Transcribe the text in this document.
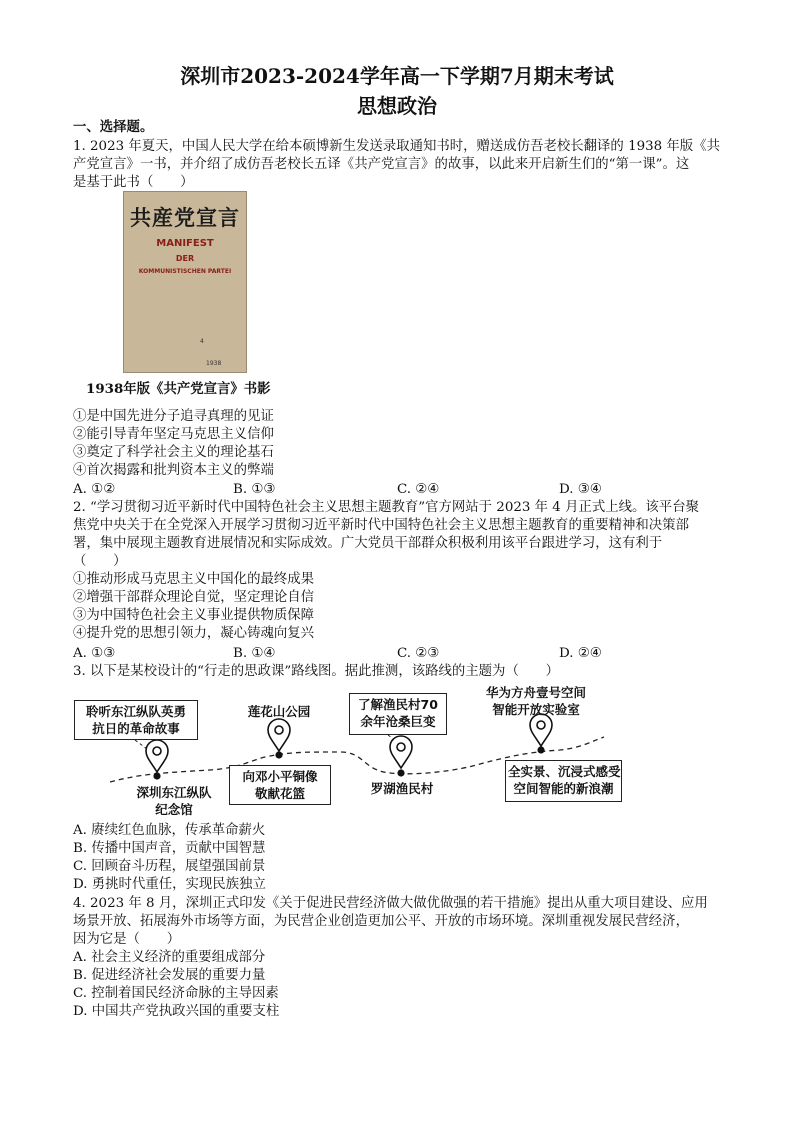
深圳市2023-2024学年高一下学期7月期末考试
思想政治
一、选择题。
1. 2023 年夏天，中国人民大学在给本硕博新生发送录取通知书时，赠送成仿吾老校长翻译的 1938 年版《共
产党宣言》一书，并介绍了成仿吾老校长五译《共产党宣言》的故事，以此来开启新生们的“第一课”。这
是基于此书（　　）
共産党宣言
MANIFEST
DER
KOMMUNISTISCHEN PARTEI
4
1938
1938年版《共产党宣言》书影
①是中国先进分子追寻真理的见证
②能引导青年坚定马克思主义信仰
③奠定了科学社会主义的理论基石
④首次揭露和批判资本主义的弊端
A. ①②	B. ①③	C. ②④	D. ③④
2. “学习贯彻习近平新时代中国特色社会主义思想主题教育”官方网站于 2023 年 4 月正式上线。该平台聚
焦党中央关于在全党深入开展学习贯彻习近平新时代中国特色社会主义思想主题教育的重要精神和决策部
署，集中展现主题教育进展情况和实际成效。广大党员干部群众积极利用该平台跟进学习，这有利于
（　　）
①推动形成马克思主义中国化的最终成果
②增强干部群众理论自觉，坚定理论自信
③为中国特色社会主义事业提供物质保障
④提升党的思想引领力，凝心铸魂向复兴
A. ①③	B. ①④	C. ②③	D. ②④
3. 以下是某校设计的“行走的思政课”路线图。据此推测，该路线的主题为（　　）
聆听东江纵队英勇
抗日的革命故事
深圳东江纵队
纪念馆
莲花山公园
向邓小平铜像
敬献花篮
了解渔民村70
余年沧桑巨变
罗湖渔民村
华为方舟壹号空间
智能开放实验室
全实景、沉浸式感受
空间智能的新浪潮
A. 赓续红色血脉，传承革命薪火
B. 传播中国声音，贡献中国智慧
C. 回顾奋斗历程，展望强国前景
D. 勇挑时代重任，实现民族独立
4. 2023 年 8 月，深圳正式印发《关于促进民营经济做大做优做强的若干措施》提出从重大项目建设、应用
场景开放、拓展海外市场等方面，为民营企业创造更加公平、开放的市场环境。深圳重视发展民营经济，
因为它是（　　）
A. 社会主义经济的重要组成部分
B. 促进经济社会发展的重要力量
C. 控制着国民经济命脉的主导因素
D. 中国共产党执政兴国的重要支柱
